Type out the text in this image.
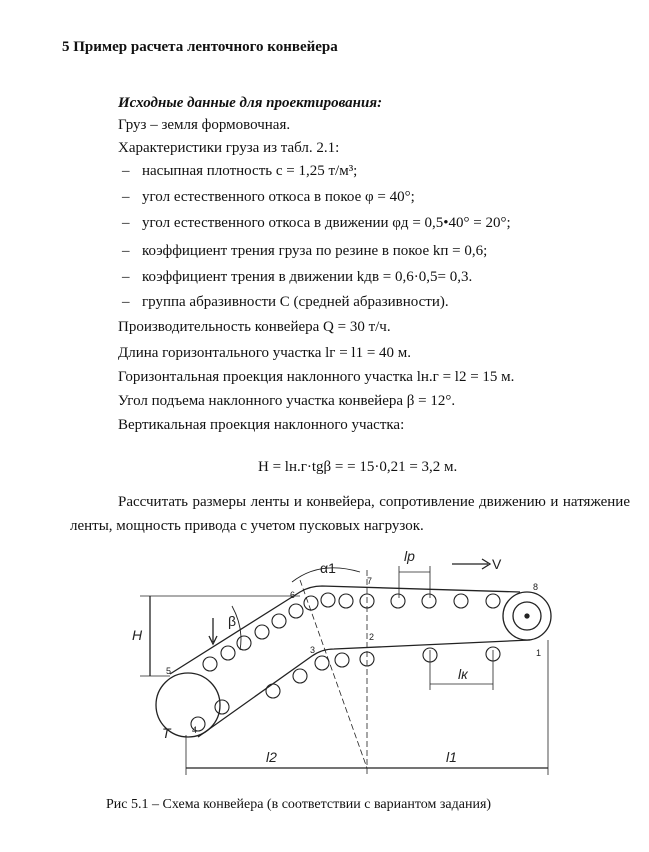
5 Пример расчета ленточного конвейера
Исходные данные для проектирования:
Груз – земля формовочная.
Характеристики груза из табл. 2.1:
– насыпная плотность c = 1,25 т/м³;
– угол естественного откоса в покое φ = 40°;
– угол естественного откоса в движении φд = 0,5•40° = 20°;
– коэффициент трения груза по резине в покое kп = 0,6;
– коэффициент трения в движении kдв = 0,6·0,5= 0,3.
– группа абразивности С (средней абразивности).
Производительность конвейера Q = 30 т/ч.
Длина горизонтального участка lг = l1 = 40 м.
Горизонтальная проекция наклонного участка lн.г = l2 = 15 м.
Угол подъема наклонного участка конвейера β = 12°.
Вертикальная проекция наклонного участка:
H = lн.г·tgβ = = 15·0,21 = 3,2 м.
Рассчитать размеры ленты и конвейера, сопротивление движению и натяжение ленты, мощность привода с учетом пусковых нагрузок.
α1
lр	V
H
β
lк
T
l2	l1
1
2
3
4
5
6
7
8
Рис 5.1 – Схема конвейера (в соответствии с вариантом задания)
